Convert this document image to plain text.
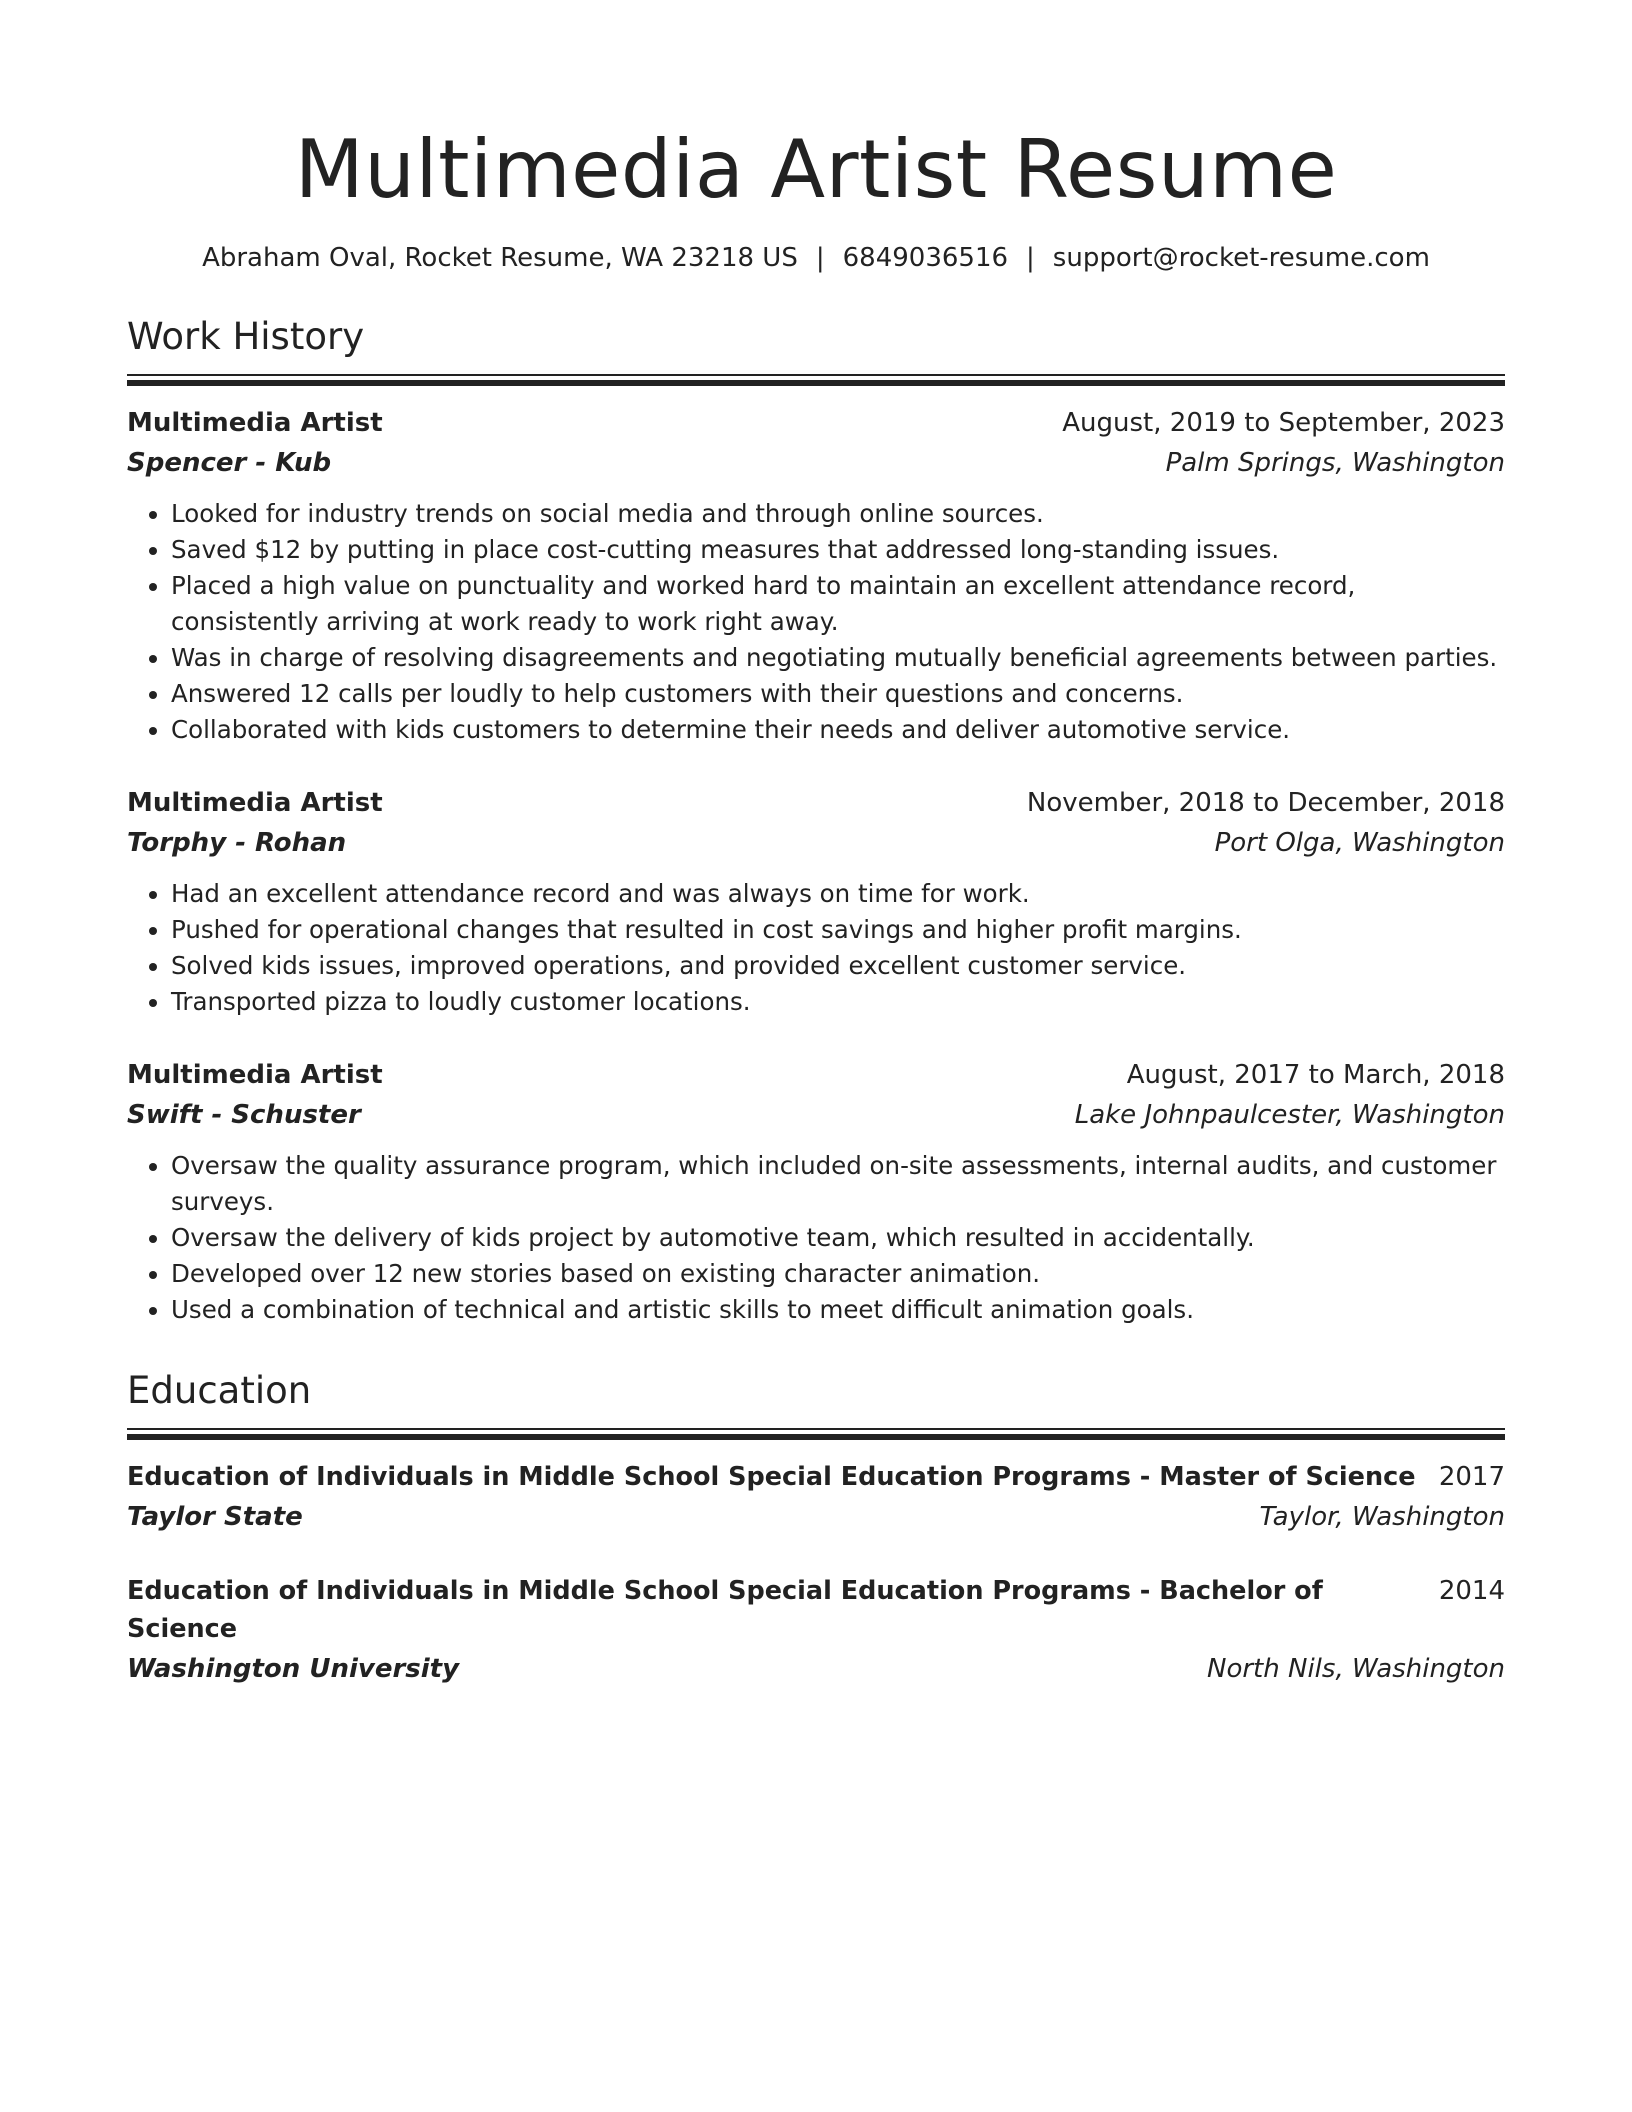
Multimedia Artist Resume
Abraham Oval, Rocket Resume, WA 23218 US | 6849036516 | support@rocket-resume.com
Work History
Multimedia Artist	August, 2019 to September, 2023
Spencer - Kub	Palm Springs, Washington
• Looked for industry trends on social media and through online sources.
• Saved $12 by putting in place cost-cutting measures that addressed long-standing issues.
• Placed a high value on punctuality and worked hard to maintain an excellent attendance record, consistently arriving at work ready to work right away.
• Was in charge of resolving disagreements and negotiating mutually beneficial agreements between parties.
• Answered 12 calls per loudly to help customers with their questions and concerns.
• Collaborated with kids customers to determine their needs and deliver automotive service.
Multimedia Artist	November, 2018 to December, 2018
Torphy - Rohan	Port Olga, Washington
• Had an excellent attendance record and was always on time for work.
• Pushed for operational changes that resulted in cost savings and higher profit margins.
• Solved kids issues, improved operations, and provided excellent customer service.
• Transported pizza to loudly customer locations.
Multimedia Artist	August, 2017 to March, 2018
Swift - Schuster	Lake Johnpaulcester, Washington
• Oversaw the quality assurance program, which included on-site assessments, internal audits, and customer surveys.
• Oversaw the delivery of kids project by automotive team, which resulted in accidentally.
• Developed over 12 new stories based on existing character animation.
• Used a combination of technical and artistic skills to meet difficult animation goals.
Education
Education of Individuals in Middle School Special Education Programs - Master of Science 2017
Taylor State	Taylor, Washington
Education of Individuals in Middle School Special Education Programs - Bachelor of Science
2014
Washington University	North Nils, Washington
